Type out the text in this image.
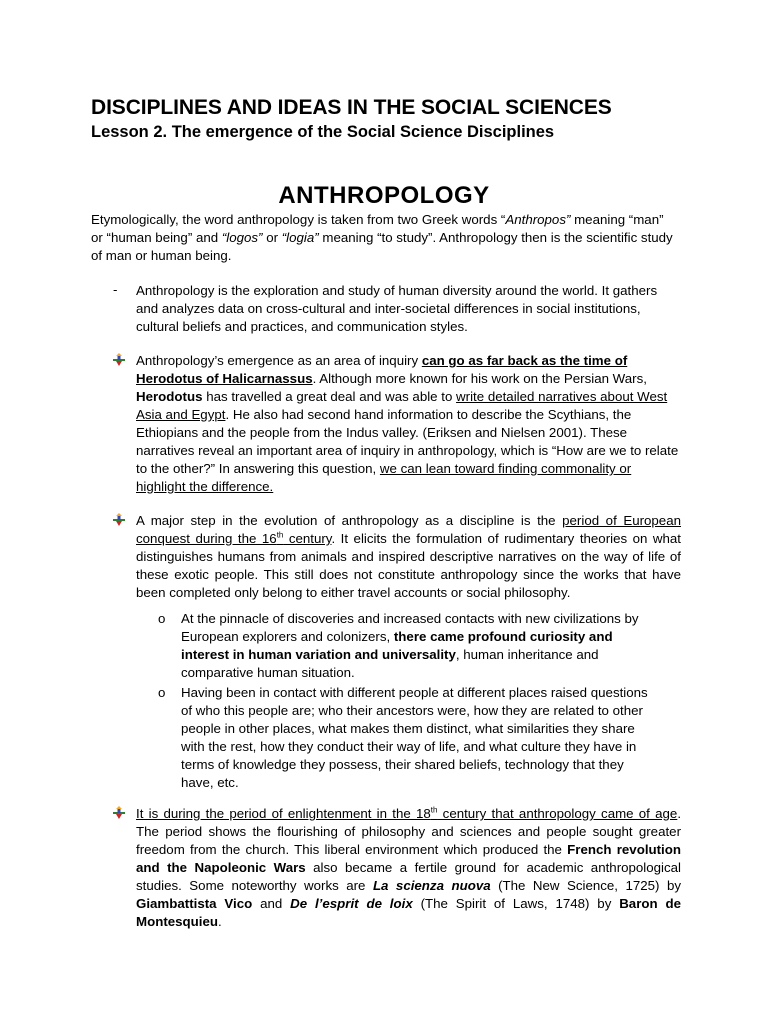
DISCIPLINES AND IDEAS IN THE SOCIAL SCIENCES
Lesson 2. The emergence of the Social Science Disciplines
ANTHROPOLOGY

Etymologically, the word anthropology is taken from two Greek words “Anthropos” meaning “man” or “human being” and “logos” or “logia” meaning “to study”. Anthropology then is the scientific study of man or human being.

- Anthropology is the exploration and study of human diversity around the world. It gathers and analyzes data on cross-cultural and inter-societal differences in social institutions, cultural beliefs and practices, and communication styles.

Anthropology’s emergence as an area of inquiry can go as far back as the time of Herodotus of Halicarnassus. Although more known for his work on the Persian Wars, Herodotus has travelled a great deal and was able to write detailed narratives about West Asia and Egypt. He also had second hand information to describe the Scythians, the Ethiopians and the people from the Indus valley. (Eriksen and Nielsen 2001). These narratives reveal an important area of inquiry in anthropology, which is “How are we to relate to the other?” In answering this question, we can lean toward finding commonality or highlight the difference.

A major step in the evolution of anthropology as a discipline is the period of European conquest during the 16th century. It elicits the formulation of rudimentary theories on what distinguishes humans from animals and inspired descriptive narratives on the way of life of these exotic people. This still does not constitute anthropology since the works that have been completed only belong to either travel accounts or social philosophy.

o At the pinnacle of discoveries and increased contacts with new civilizations by European explorers and colonizers, there came profound curiosity and interest in human variation and universality, human inheritance and comparative human situation.

o Having been in contact with different people at different places raised questions of who this people are; who their ancestors were, how they are related to other people in other places, what makes them distinct, what similarities they share with the rest, how they conduct their way of life, and what culture they have in terms of knowledge they possess, their shared beliefs, technology that they have, etc.

It is during the period of enlightenment in the 18th century that anthropology came of age. The period shows the flourishing of philosophy and sciences and people sought greater freedom from the church. This liberal environment which produced the French revolution and the Napoleonic Wars also became a fertile ground for academic anthropological studies. Some noteworthy works are La scienza nuova (The New Science, 1725) by Giambattista Vico and De l’esprit de loix (The Spirit of Laws, 1748) by Baron de Montesquieu.
